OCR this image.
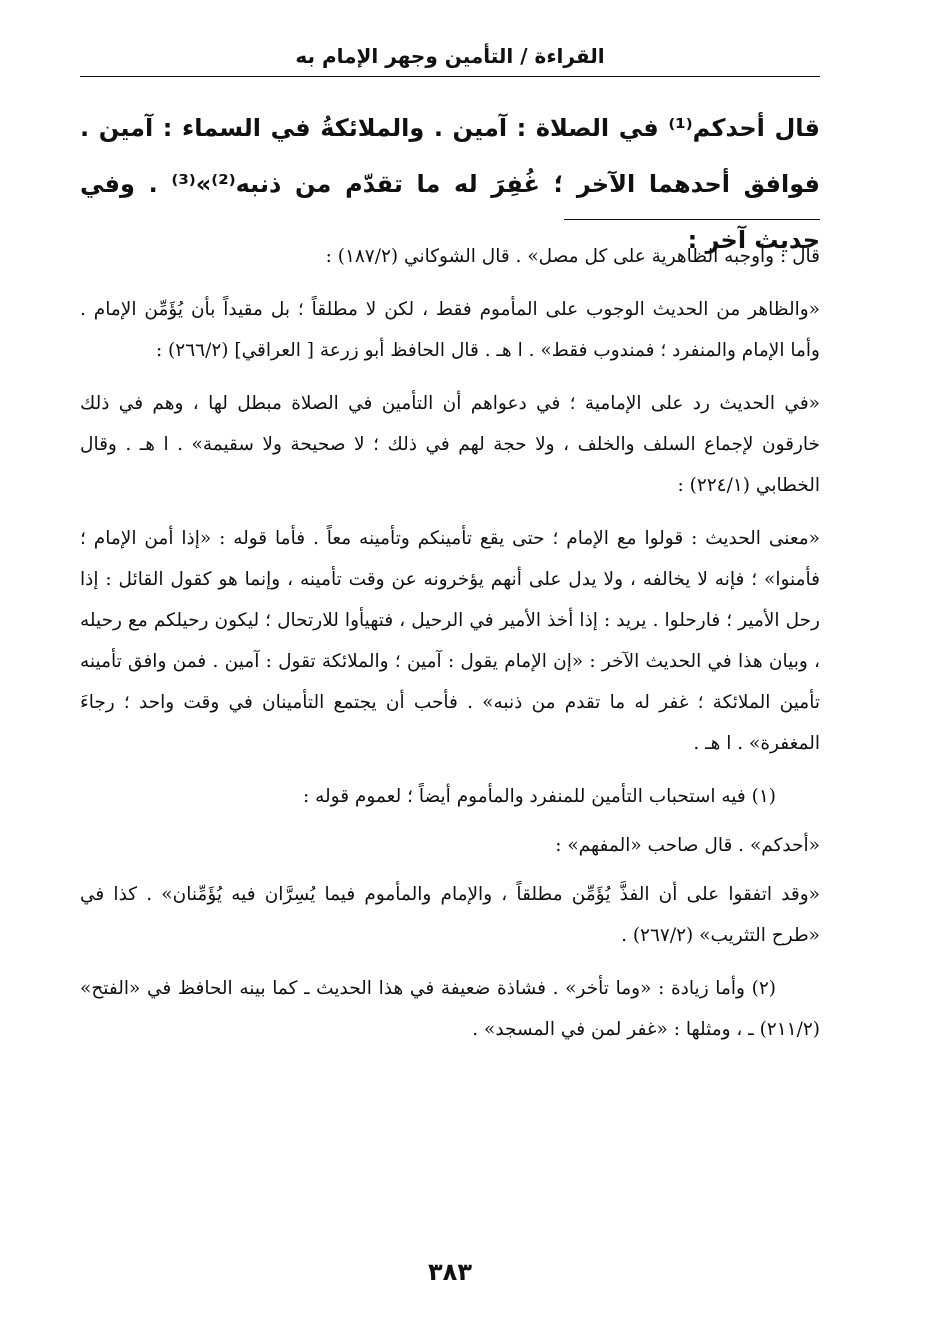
القراءة / التأمين وجهر الإمام به

قال أحدكم⁽¹⁾ في الصلاة : آمين . والملائكةُ في السماء : آمين . فوافق أحدهما الآخر ؛ غُفِرَ له ما تقدّم من ذنبه⁽²⁾»⁽³⁾ . وفي حديث آخر :

قال : وأوجبه الظاهرية على كل مصل» . قال الشوكاني (١٨٧/٢) :

«والظاهر من الحديث الوجوب على المأموم فقط ، لكن لا مطلقاً ؛ بل مقيداً بأن يُؤَمِّن الإمام . وأما الإمام والمنفرد ؛ فمندوب فقط» . ا هـ . قال الحافظ أبو زرعة [ العراقي] (٢٦٦/٢) :

«في الحديث رد على الإمامية ؛ في دعواهم أن التأمين في الصلاة مبطل لها ، وهم في ذلك خارقون لإجماع السلف والخلف ، ولا حجة لهم في ذلك ؛ لا صحيحة ولا سقيمة» . ا هـ . وقال الخطابي (٢٢٤/١) :

«معنى الحديث : قولوا مع الإمام ؛ حتى يقع تأمينكم وتأمينه معاً . فأما قوله : «إذا أمن الإمام ؛ فأمنوا» ؛ فإنه لا يخالفه ، ولا يدل على أنهم يؤخرونه عن وقت تأمينه ، وإنما هو كقول القائل : إذا رحل الأمير ؛ فارحلوا . يريد : إذا أخذ الأمير في الرحيل ، فتهيأوا للارتحال ؛ ليكون رحيلكم مع رحيله ، وبيان هذا في الحديث الآخر : «إن الإمام يقول : آمين ؛ والملائكة تقول : آمين . فمن وافق تأمينه تأمين الملائكة ؛ غفر له ما تقدم من ذنبه» . فأحب أن يجتمع التأمينان في وقت واحد ؛ رجاءَ المغفرة» . ا هـ .

(١) فيه استحباب التأمين للمنفرد والمأموم أيضاً ؛ لعموم قوله :

«أحدكم» . قال صاحب «المفهم» :

«وقد اتفقوا على أن الفذَّ يُؤَمِّن مطلقاً ، والإمام والمأموم فيما يُسِرَّان فيه يُؤَمِّنان» . كذا في «طرح التثريب» (٢٦٧/٢) .

(٢) وأما زيادة : «وما تأخر» . فشاذة ضعيفة في هذا الحديث ـ كما بينه الحافظ في «الفتح» (٢١١/٢) ـ ، ومثلها : «غفر لمن في المسجد» .

٣٨٣
